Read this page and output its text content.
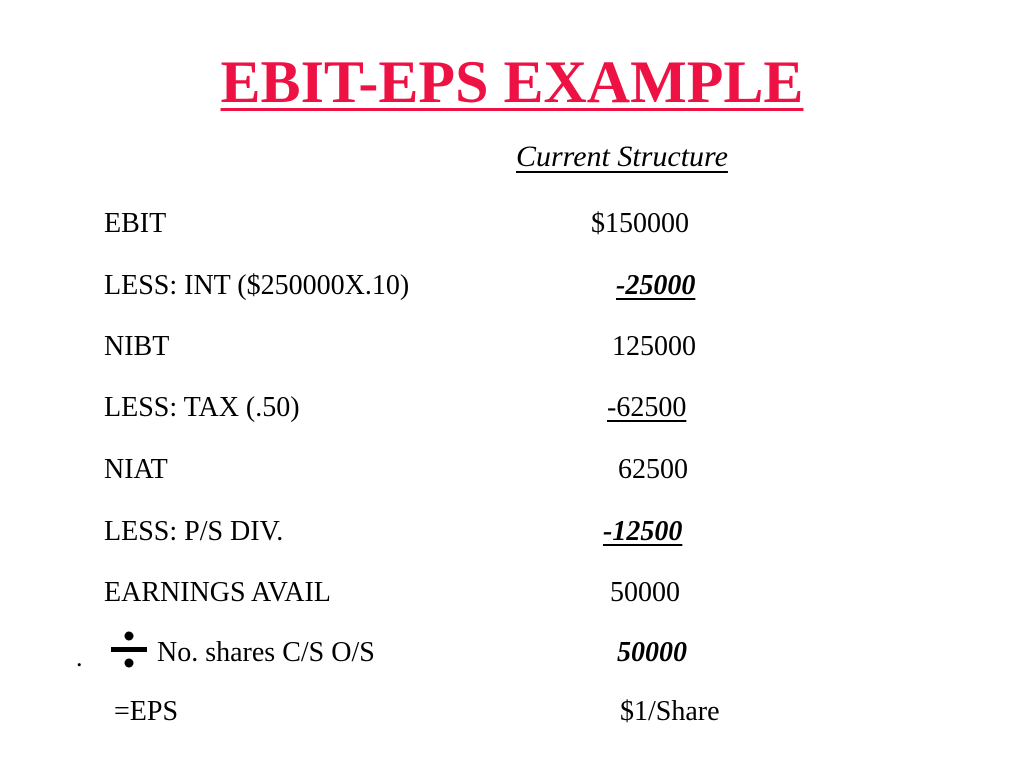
EBIT-EPS EXAMPLE
Current Structure
EBIT	$150000
LESS: INT ($250000X.10)	-25000
NIBT	125000
LESS: TAX (.50)	-62500
NIAT	62500
LESS: P/S DIV.	-12500
EARNINGS AVAIL	50000
.	No. shares C/S O/S	50000
=EPS	$1/Share
